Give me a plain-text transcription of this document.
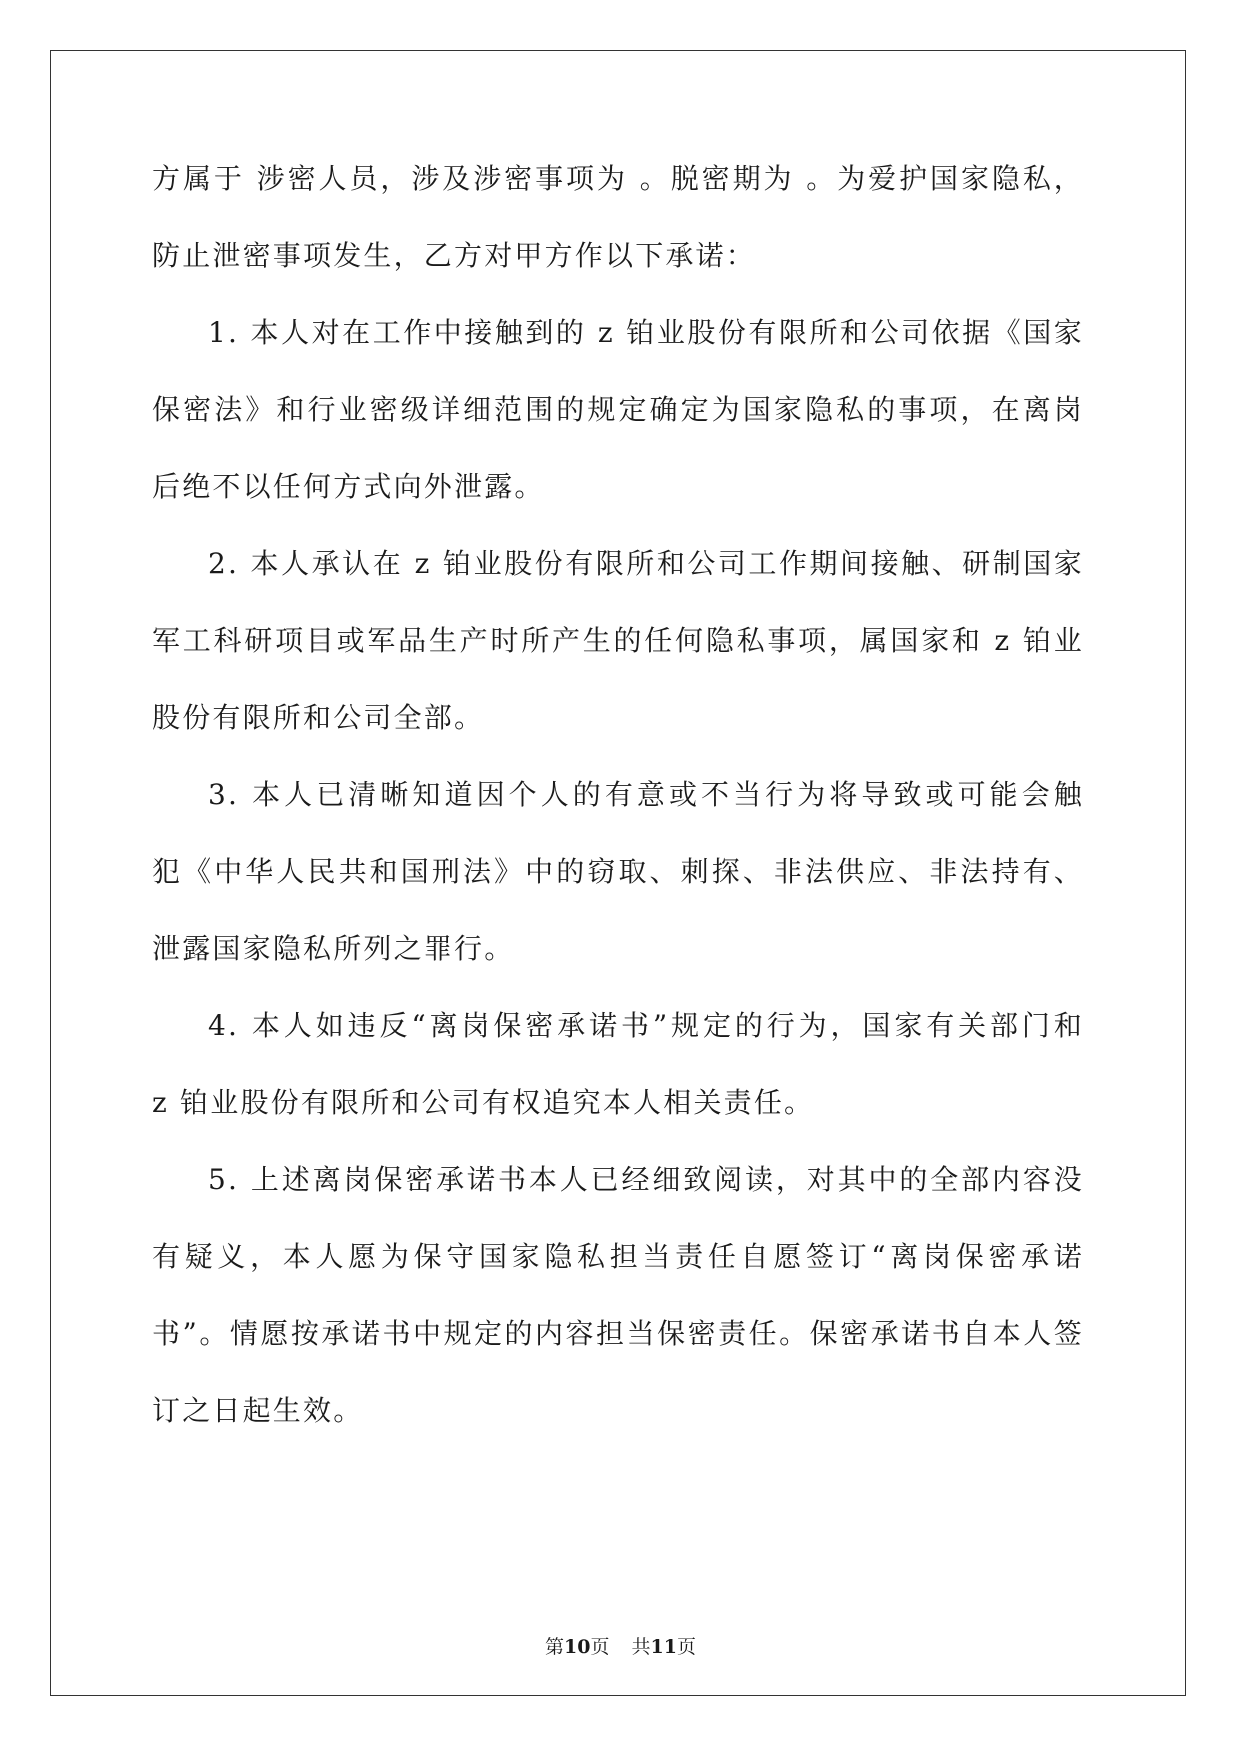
方属于 涉密人员，涉及涉密事项为 。脱密期为 。为爱护国家隐私，
防止泄密事项发生，乙方对甲方作以下承诺：
1. 本人对在工作中接触到的 z 铂业股份有限所和公司依据《国家
保密法》和行业密级详细范围的规定确定为国家隐私的事项，在离岗
后绝不以任何方式向外泄露。
2. 本人承认在 z 铂业股份有限所和公司工作期间接触、研制国家
军工科研项目或军品生产时所产生的任何隐私事项，属国家和 z 铂业
股份有限所和公司全部。
3. 本人已清晰知道因个人的有意或不当行为将导致或可能会触
犯《中华人民共和国刑法》中的窃取、刺探、非法供应、非法持有、
泄露国家隐私所列之罪行。
4. 本人如违反“离岗保密承诺书”规定的行为，国家有关部门和
z 铂业股份有限所和公司有权追究本人相关责任。
5. 上述离岗保密承诺书本人已经细致阅读，对其中的全部内容没
有疑义，本人愿为保守国家隐私担当责任自愿签订“离岗保密承诺
书”。情愿按承诺书中规定的内容担当保密责任。保密承诺书自本人签
订之日起生效。
第10页 共11页
